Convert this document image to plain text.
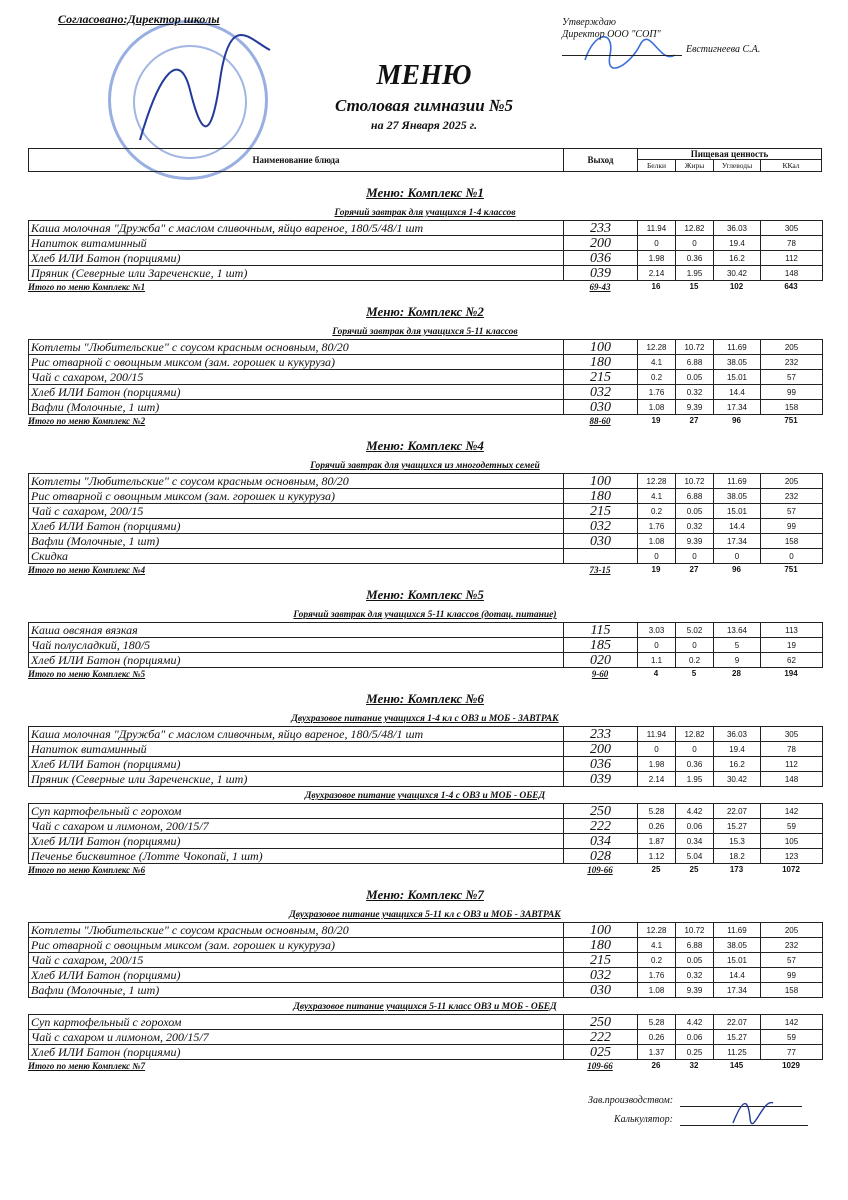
Согласовано:Директор школы	Утверждаю
Директор ООО "СОП"
Евстигнеева С.А.
МЕНЮ
Столовая гимназии №5
на 27 Января 2025 г.
Наименование блюда	Выход
Пищевая ценность
Белки	Жиры	Углеводы	ККал
Меню: Комплекс №1
Горячий завтрак для учащихся 1-4 классов
Каша молочная "Дружба" с маслом сливочным, яйцо вареное, 180/5/48/1 шт	233	11.94	12.82	36.03	305
Напиток витаминный	200	0	0	19.4	78
Хлеб ИЛИ Батон (порциями)	036	1.98	0.36	16.2	112
Пряник (Северные или Зареченские, 1 шт)	039	2.14	1.95	30.42	148
Итого по меню Комплекс №1	69-43	16	15	102	643
Меню: Комплекс №2
Горячий завтрак для учащихся 5-11 классов
Котлеты "Любительские" с соусом красным основным, 80/20	100	12.28	10.72	11.69	205
Рис отварной с овощным миксом (зам. горошек и кукуруза)	180	4.1	6.88	38.05	232
Чай с сахаром, 200/15	215	0.2	0.05	15.01	57
Хлеб ИЛИ Батон (порциями)	032	1.76	0.32	14.4	99
Вафли (Молочные, 1 шт)	030	1.08	9.39	17.34	158
Итого по меню Комплекс №2	88-60	19	27	96	751
Меню: Комплекс №4
Горячий завтрак для учащихся из многодетных семей
Котлеты "Любительские" с соусом красным основным, 80/20	100	12.28	10.72	11.69	205
Рис отварной с овощным миксом (зам. горошек и кукуруза)	180	4.1	6.88	38.05	232
Чай с сахаром, 200/15	215	0.2	0.05	15.01	57
Хлеб ИЛИ Батон (порциями)	032	1.76	0.32	14.4	99
Вафли (Молочные, 1 шт)	030	1.08	9.39	17.34	158
Скидка		0	0	0	0
Итого по меню Комплекс №4	73-15	19	27	96	751
Меню: Комплекс №5
Горячий завтрак для учащихся 5-11 классов (дотац. питание)
Каша овсяная вязкая	115	3.03	5.02	13.64	113
Чай полусладкий, 180/5	185	0	0	5	19
Хлеб ИЛИ Батон (порциями)	020	1.1	0.2	9	62
Итого по меню Комплекс №5	9-60	4	5	28	194
Меню: Комплекс №6
Двухразовое питание учащихся 1-4 кл с ОВЗ и МОБ - ЗАВТРАК
Каша молочная "Дружба" с маслом сливочным, яйцо вареное, 180/5/48/1 шт	233	11.94	12.82	36.03	305
Напиток витаминный	200	0	0	19.4	78
Хлеб ИЛИ Батон (порциями)	036	1.98	0.36	16.2	112
Пряник (Северные или Зареченские, 1 шт)	039	2.14	1.95	30.42	148
Двухразовое питание учащихся 1-4 с ОВЗ и МОБ - ОБЕД
Суп картофельный с горохом	250	5.28	4.42	22.07	142
Чай с сахаром и лимоном, 200/15/7	222	0.26	0.06	15.27	59
Хлеб ИЛИ Батон (порциями)	034	1.87	0.34	15.3	105
Печенье бисквитное (Лотте Чокопай, 1 шт)	028	1.12	5.04	18.2	123
Итого по меню Комплекс №6	109-66	25	25	173	1072
Меню: Комплекс №7
Двухразовое питание учащихся 5-11 кл с ОВЗ и МОБ - ЗАВТРАК
Котлеты "Любительские" с соусом красным основным, 80/20	100	12.28	10.72	11.69	205
Рис отварной с овощным миксом (зам. горошек и кукуруза)	180	4.1	6.88	38.05	232
Чай с сахаром, 200/15	215	0.2	0.05	15.01	57
Хлеб ИЛИ Батон (порциями)	032	1.76	0.32	14.4	99
Вафли (Молочные, 1 шт)	030	1.08	9.39	17.34	158
Двухразовое питание учащихся 5-11 класс ОВЗ и МОБ - ОБЕД
Суп картофельный с горохом	250	5.28	4.42	22.07	142
Чай с сахаром и лимоном, 200/15/7	222	0.26	0.06	15.27	59
Хлеб ИЛИ Батон (порциями)	025	1.37	0.25	11.25	77
Итого по меню Комплекс №7	109-66	26	32	145	1029
Зав.производством:
Калькулятор:
